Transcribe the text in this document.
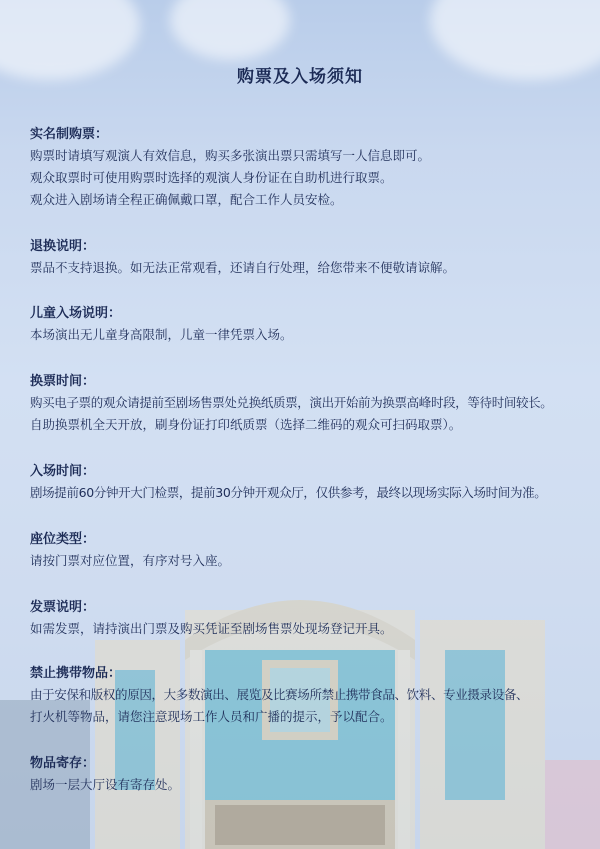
购票及入场须知
实名制购票：
购票时请填写观演人有效信息，购买多张演出票只需填写一人信息即可。
观众取票时可使用购票时选择的观演人身份证在自助机进行取票。
观众进入剧场请全程正确佩戴口罩，配合工作人员安检。
退换说明：
票品不支持退换。如无法正常观看，还请自行处理，给您带来不便敬请谅解。
儿童入场说明：
本场演出无儿童身高限制，儿童一律凭票入场。
换票时间：
购买电子票的观众请提前至剧场售票处兑换纸质票，演出开始前为换票高峰时段，等待时间较长。
自助换票机全天开放，刷身份证打印纸质票（选择二维码的观众可扫码取票）。
入场时间：
剧场提前60分钟开大门检票，提前30分钟开观众厅，仅供参考，最终以现场实际入场时间为准。
座位类型：
请按门票对应位置，有序对号入座。
发票说明：
如需发票，请持演出门票及购买凭证至剧场售票处现场登记开具。
禁止携带物品：
由于安保和版权的原因，大多数演出、展览及比赛场所禁止携带食品、饮料、专业摄录设备、
打火机等物品，请您注意现场工作人员和广播的提示，予以配合。
物品寄存：
剧场一层大厅设有寄存处。
